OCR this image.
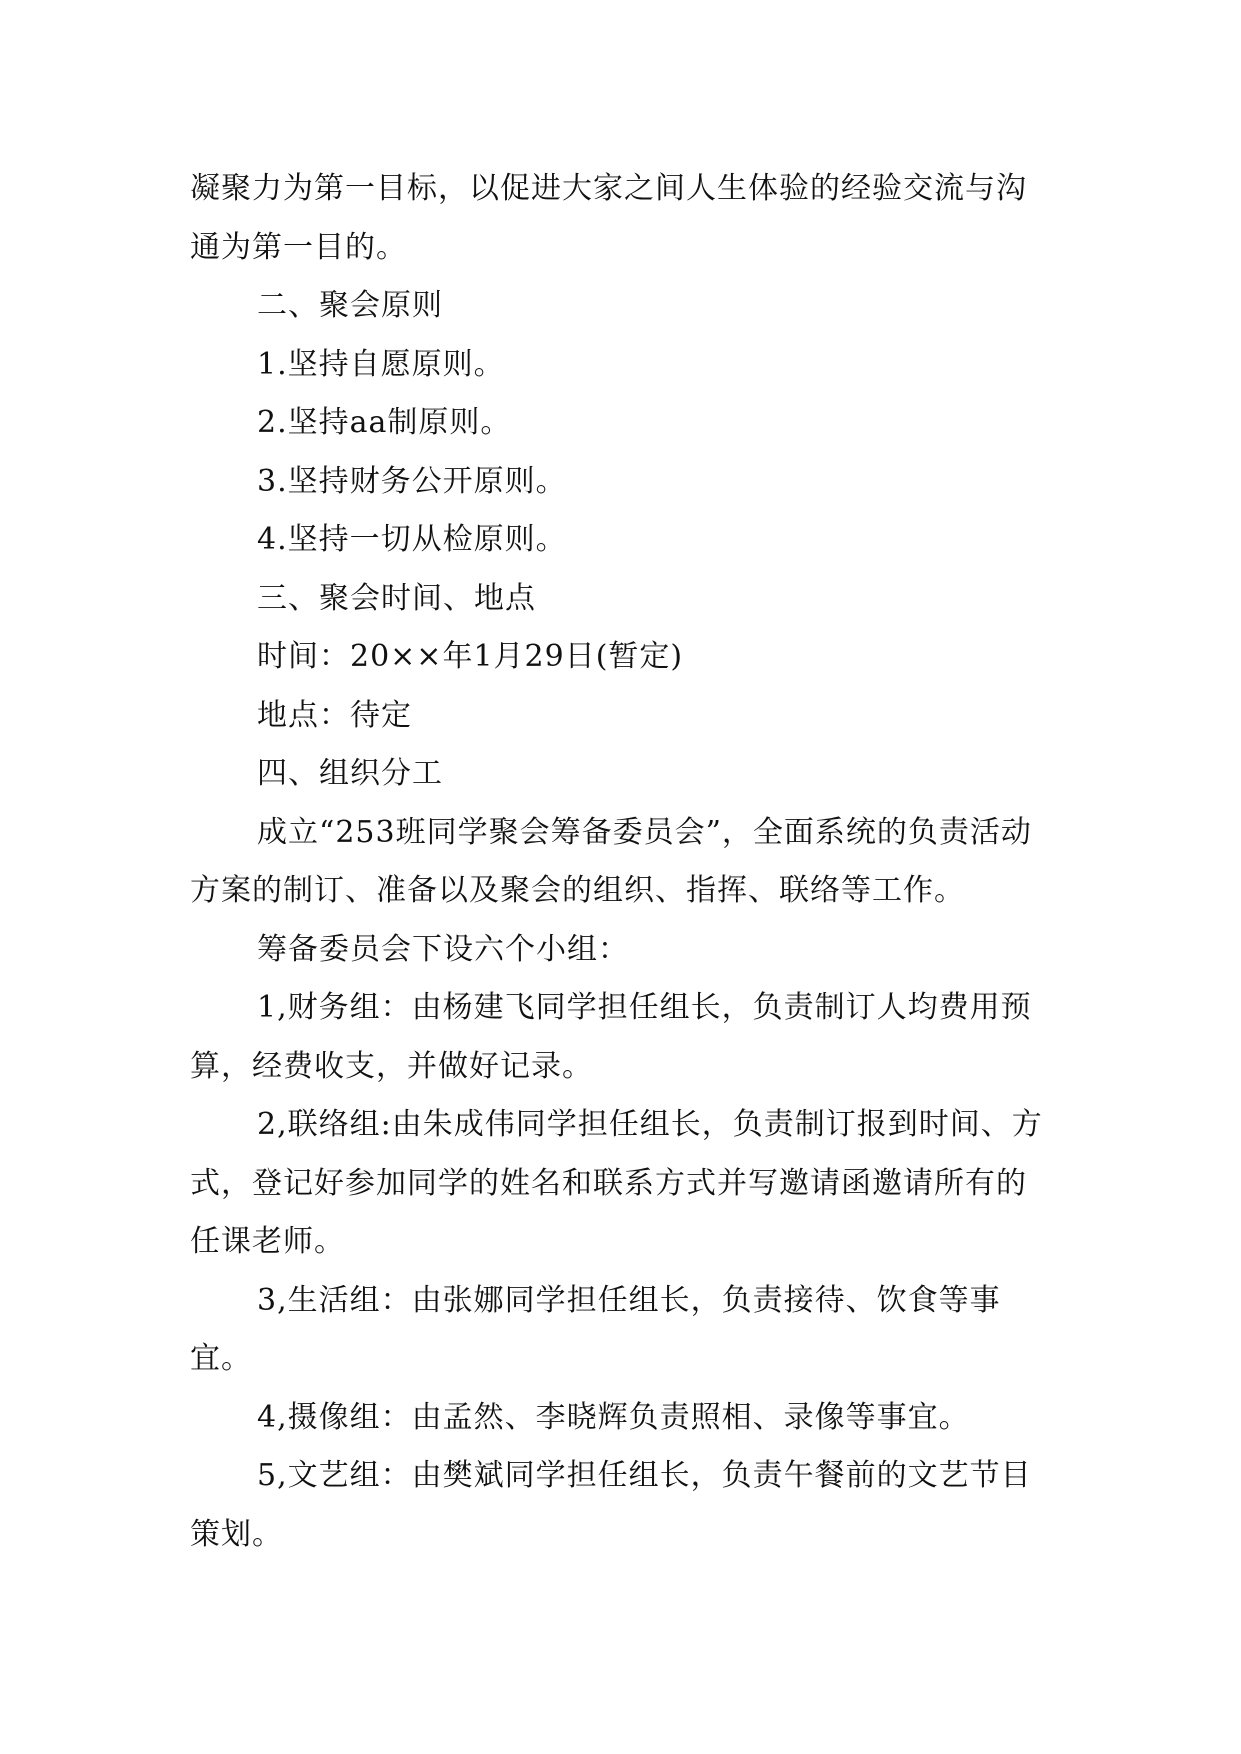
凝聚力为第一目标，以促进大家之间人生体验的经验交流与沟通为第一目的。

二、聚会原则

1.坚持自愿原则。

2.坚持aa制原则。

3.坚持财务公开原则。

4.坚持一切从检原则。

三、聚会时间、地点

时间：20××年1月29日(暂定)

地点：待定

四、组织分工

成立“253班同学聚会筹备委员会”，全面系统的负责活动方案的制订、准备以及聚会的组织、指挥、联络等工作。

筹备委员会下设六个小组：

1,财务组：由杨建飞同学担任组长，负责制订人均费用预算，经费收支，并做好记录。

2,联络组:由朱成伟同学担任组长，负责制订报到时间、方式，登记好参加同学的姓名和联系方式并写邀请函邀请所有的任课老师。

3,生活组：由张娜同学担任组长，负责接待、饮食等事宜。

4,摄像组：由孟然、李晓辉负责照相、录像等事宜。

5,文艺组：由樊斌同学担任组长，负责午餐前的文艺节目策划。
